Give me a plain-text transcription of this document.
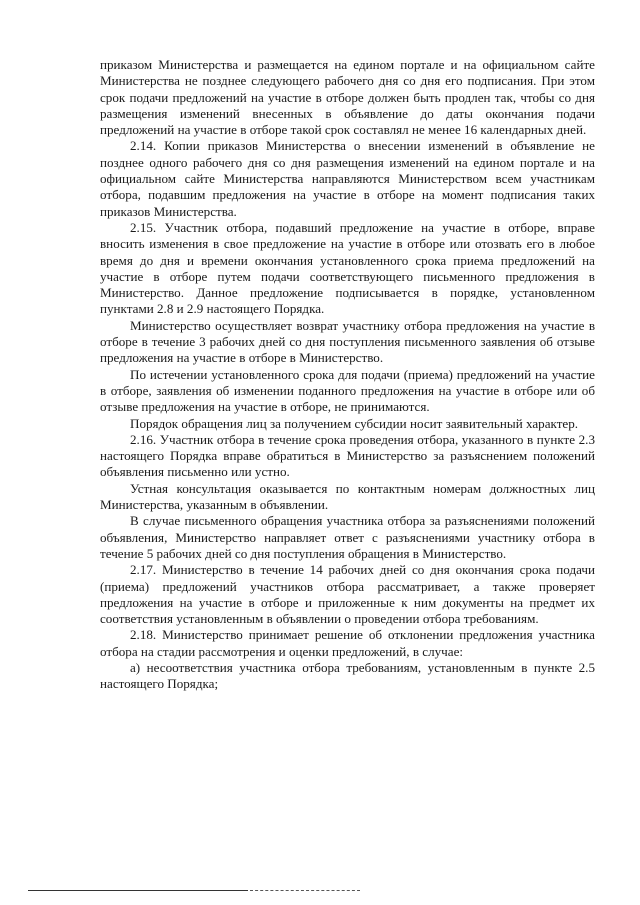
приказом Министерства и размещается на едином портале и на официальном сайте Министерства не позднее следующего рабочего дня со дня его подписания. При этом срок подачи предложений на участие в отборе должен быть продлен так, чтобы со дня размещения изменений внесенных в объявление до даты окончания подачи предложений на участие в отборе такой срок составлял не менее 16 календарных дней.

2.14. Копии приказов Министерства о внесении изменений в объявление не позднее одного рабочего дня со дня размещения изменений на едином портале и на официальном сайте Министерства направляются Министерством всем участникам отбора, подавшим предложения на участие в отборе на момент подписания таких приказов Министерства.

2.15. Участник отбора, подавший предложение на участие в отборе, вправе вносить изменения в свое предложение на участие в отборе или отозвать его в любое время до дня и времени окончания установленного срока приема предложений на участие в отборе путем подачи соответствующего письменного предложения в Министерство. Данное предложение подписывается в порядке, установленном пунктами 2.8 и 2.9 настоящего Порядка.

Министерство осуществляет возврат участнику отбора предложения на участие в отборе в течение 3 рабочих дней со дня поступления письменного заявления об отзыве предложения на участие в отборе в Министерство.

По истечении установленного срока для подачи (приема) предложений на участие в отборе, заявления об изменении поданного предложения на участие в отборе или об отзыве предложения на участие в отборе, не принимаются.

Порядок обращения лиц за получением субсидии носит заявительный характер.

2.16. Участник отбора в течение срока проведения отбора, указанного в пункте 2.3 настоящего Порядка вправе обратиться в Министерство за разъяснением положений объявления письменно или устно.

Устная консультация оказывается по контактным номерам должностных лиц Министерства, указанным в объявлении.

В случае письменного обращения участника отбора за разъяснениями положений объявления, Министерство направляет ответ с разъяснениями участнику отбора в течение 5 рабочих дней со дня поступления обращения в Министерство.

2.17. Министерство в течение 14 рабочих дней со дня окончания срока подачи (приема) предложений участников отбора рассматривает, а также проверяет предложения на участие в отборе и приложенные к ним документы на предмет их соответствия установленным в объявлении о проведении отбора требованиям.

2.18. Министерство принимает решение об отклонении предложения участника отбора на стадии рассмотрения и оценки предложений, в случае:

а) несоответствия участника отбора требованиям, установленным в пункте 2.5 настоящего Порядка;
